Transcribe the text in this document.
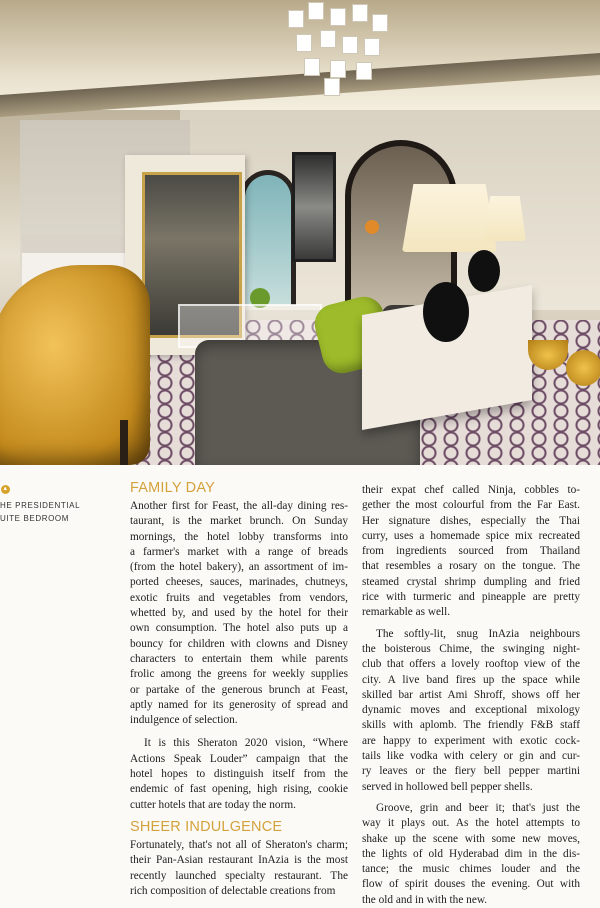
▲
HE PRESIDENTIAL
UITE BEDROOM
FAMILY DAY

Another first for Feast, the all-day dining res-
taurant, is the market brunch. On Sunday
mornings, the hotel lobby transforms into
a farmer's market with a range of breads
(from the hotel bakery), an assortment of im-
ported cheeses, sauces, marinades, chutneys,
exotic fruits and vegetables from vendors,
whetted by, and used by the hotel for their
own consumption. The hotel also puts up a
bouncy for children with clowns and Disney
characters to entertain them while parents
frolic among the greens for weekly supplies
or partake of the generous brunch at Feast,
aptly named for its generosity of spread and
indulgence of selection.

It is this Sheraton 2020 vision, “Where
Actions Speak Louder” campaign that the
hotel hopes to distinguish itself from the
endemic of fast opening, high rising, cookie
cutter hotels that are today the norm.

SHEER INDULGENCE

Fortunately, that's not all of Sheraton's charm;
their Pan-Asian restaurant InAzia is the most
recently launched specialty restaurant. The
rich composition of delectable creations from

their expat chef called Ninja, cobbles to-
gether the most colourful from the Far East.
Her signature dishes, especially the Thai
curry, uses a homemade spice mix recreated
from ingredients sourced from Thailand
that resembles a rosary on the tongue. The
steamed crystal shrimp dumpling and fried
rice with turmeric and pineapple are pretty
remarkable as well.

The softly-lit, snug InAzia neighbours
the boisterous Chime, the swinging night-
club that offers a lovely rooftop view of the
city. A live band fires up the space while
skilled bar artist Ami Shroff, shows off her
dynamic moves and exceptional mixology
skills with aplomb. The friendly F&B staff
are happy to experiment with exotic cock-
tails like vodka with celery or gin and cur-
ry leaves or the fiery bell pepper martini
served in hollowed bell pepper shells.

Groove, grin and beer it; that's just the
way it plays out. As the hotel attempts to
shake up the scene with some new moves,
the lights of old Hyderabad dim in the dis-
tance; the music chimes louder and the
flow of spirit douses the evening. Out with
the old and in with the new.
